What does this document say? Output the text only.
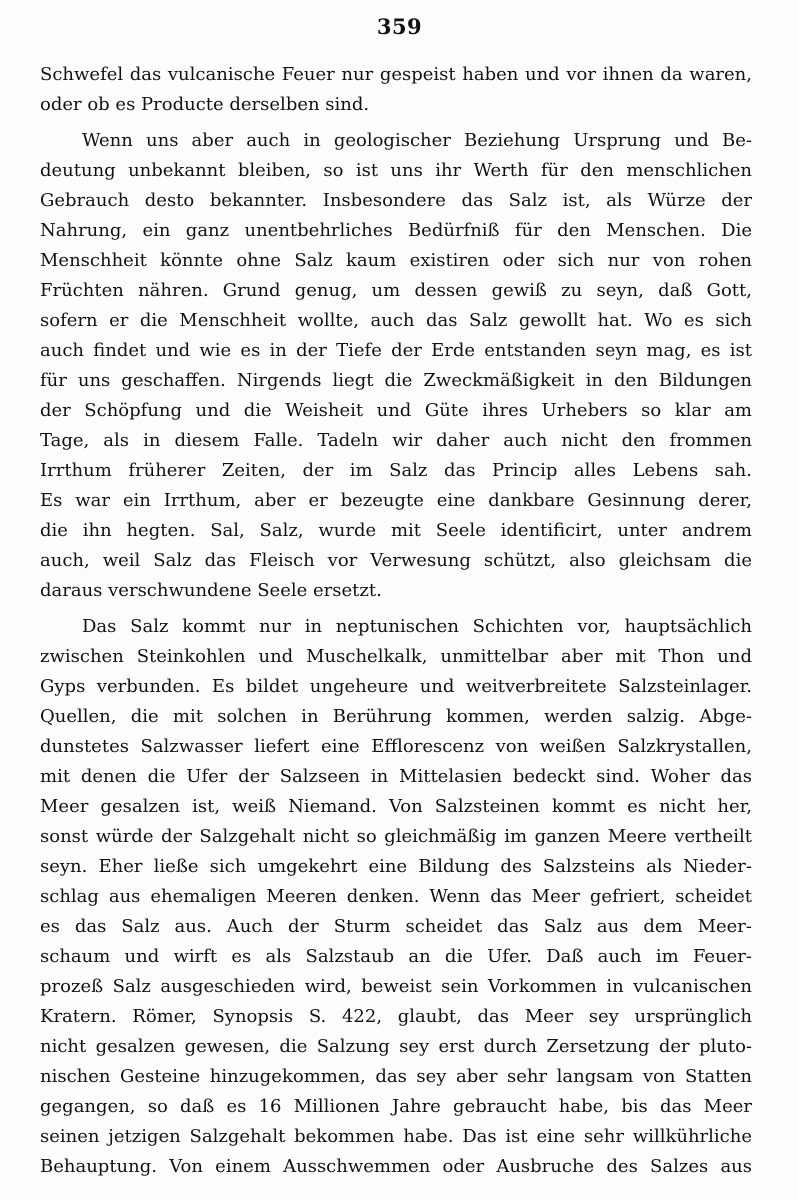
359

Schwefel das vulcanische Feuer nur gespeist haben und vor ihnen da waren,
oder ob es Producte derselben sind.

Wenn uns aber auch in geologischer Beziehung Ursprung und Be-
deutung unbekannt bleiben, so ist uns ihr Werth für den menschlichen
Gebrauch desto bekannter. Insbesondere das Salz ist, als Würze der
Nahrung, ein ganz unentbehrliches Bedürfniß für den Menschen. Die
Menschheit könnte ohne Salz kaum existiren oder sich nur von rohen
Früchten nähren. Grund genug, um dessen gewiß zu seyn, daß Gott,
sofern er die Menschheit wollte, auch das Salz gewollt hat. Wo es sich
auch findet und wie es in der Tiefe der Erde entstanden seyn mag, es ist
für uns geschaffen. Nirgends liegt die Zweckmäßigkeit in den Bildungen
der Schöpfung und die Weisheit und Güte ihres Urhebers so klar am
Tage, als in diesem Falle. Tadeln wir daher auch nicht den frommen
Irrthum früherer Zeiten, der im Salz das Princip alles Lebens sah.
Es war ein Irrthum, aber er bezeugte eine dankbare Gesinnung derer,
die ihn hegten. Sal, Salz, wurde mit Seele identificirt, unter andrem
auch, weil Salz das Fleisch vor Verwesung schützt, also gleichsam die
daraus verschwundene Seele ersetzt.

Das Salz kommt nur in neptunischen Schichten vor, hauptsächlich
zwischen Steinkohlen und Muschelkalk, unmittelbar aber mit Thon und
Gyps verbunden. Es bildet ungeheure und weitverbreitete Salzsteinlager.
Quellen, die mit solchen in Berührung kommen, werden salzig. Abge-
dunstetes Salzwasser liefert eine Efflorescenz von weißen Salzkrystallen,
mit denen die Ufer der Salzseen in Mittelasien bedeckt sind. Woher das
Meer gesalzen ist, weiß Niemand. Von Salzsteinen kommt es nicht her,
sonst würde der Salzgehalt nicht so gleichmäßig im ganzen Meere vertheilt
seyn. Eher ließe sich umgekehrt eine Bildung des Salzsteins als Nieder-
schlag aus ehemaligen Meeren denken. Wenn das Meer gefriert, scheidet
es das Salz aus. Auch der Sturm scheidet das Salz aus dem Meer-
schaum und wirft es als Salzstaub an die Ufer. Daß auch im Feuer-
prozeß Salz ausgeschieden wird, beweist sein Vorkommen in vulcanischen
Kratern. Römer, Synopsis S. 422, glaubt, das Meer sey ursprünglich
nicht gesalzen gewesen, die Salzung sey erst durch Zersetzung der pluto-
nischen Gesteine hinzugekommen, das sey aber sehr langsam von Statten
gegangen, so daß es 16 Millionen Jahre gebraucht habe, bis das Meer
seinen jetzigen Salzgehalt bekommen habe. Das ist eine sehr willkührliche
Behauptung. Von einem Ausschwemmen oder Ausbruche des Salzes aus
